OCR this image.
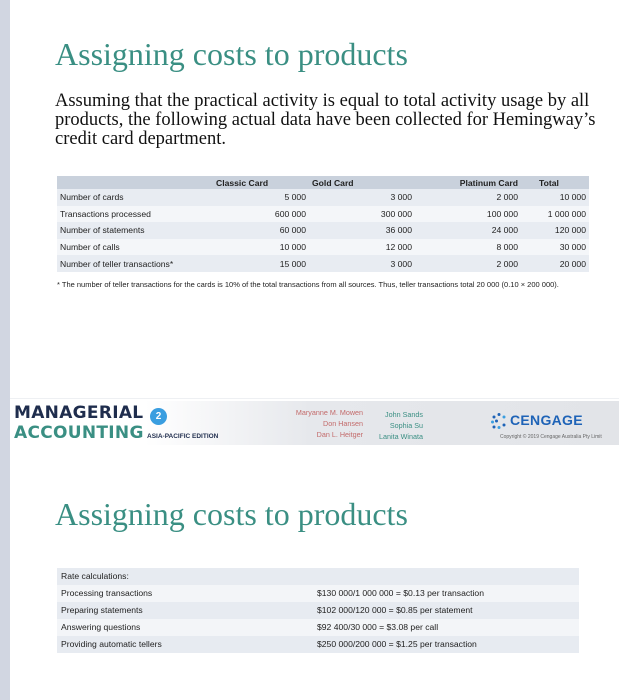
Assigning costs to products
Assuming that the practical activity is equal to total activity usage by all products, the following actual data have been collected for Hemingway’s credit card department.
	Classic Card	Gold Card	Platinum Card	Total
Number of cards	5 000	3 000	2 000	10 000
Transactions processed	600 000	300 000	100 000	1 000 000
Number of statements	60 000	36 000	24 000	120 000
Number of calls	10 000	12 000	8 000	30 000
Number of teller transactions*	15 000	3 000	2 000	20 000
* The number of teller transactions for the cards is 10% of the total transactions from all sources. Thus, teller transactions total 20 000 (0.10 × 200 000).
MANAGERIAL
ACCOUNTING
2
ASIA-PACIFIC EDITION
Maryanne M. Mowen
Don Hansen
Dan L. Heitger
John Sands
Sophia Su
Lanita Winata
CENGAGE
Copyright © 2019 Cengage Australia Pty Limit
Assigning costs to products
Rate calculations:
Processing transactions	$130 000/1 000 000 = $0.13 per transaction
Preparing statements	$102 000/120 000 = $0.85 per statement
Answering questions	$92 400/30 000 = $3.08 per call
Providing automatic tellers	$250 000/200 000 = $1.25 per transaction
